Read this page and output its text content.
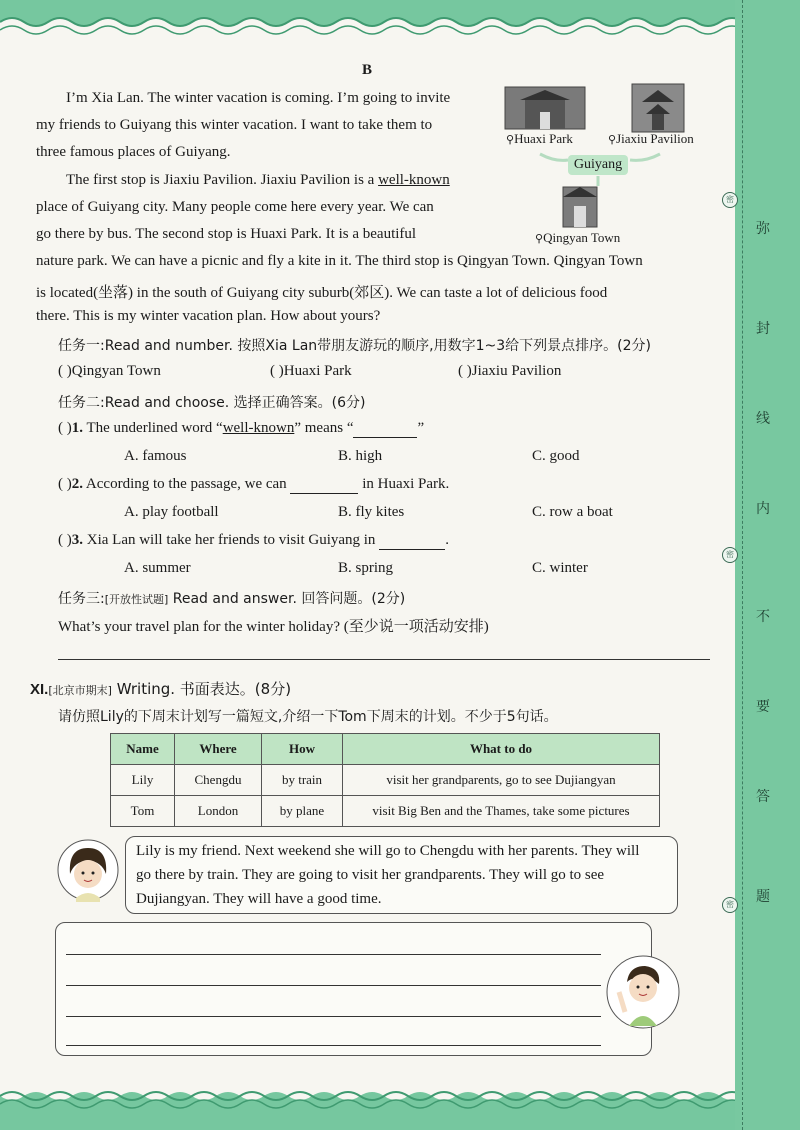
弥
封
线
内
不
要
答
题
密
密
密
B
I’m Xia Lan. The winter vacation is coming. I’m going to invite
my friends to Guiyang this winter vacation. I want to take them to
three famous places of Guiyang.
The first stop is Jiaxiu Pavilion. Jiaxiu Pavilion is a well-known
place of Guiyang city. Many people come here every year. We can
go there by bus. The second stop is Huaxi Park. It is a beautiful
nature park. We can have a picnic and fly a kite in it. The third stop is Qingyan Town. Qingyan Town
is located(坐落) in the south of Guiyang city suburb(郊区). We can taste a lot of delicious food
there. This is my winter vacation plan. How about yours?
⚲Huaxi Park	⚲Jiaxiu Pavilion
Guiyang
⚲Qingyan Town
任务一:Read and number. 按照Xia Lan带朋友游玩的顺序,用数字1~3给下列景点排序。(2分)
( )Qingyan Town	( )Huaxi Park	( )Jiaxiu Pavilion
任务二:Read and choose. 选择正确答案。(6分)
( )1. The underlined word “well-known” means “	”
A. famous	B. high	C. good
( )2. According to the passage, we can	in Huaxi Park.
A. play football	B. fly kites	C. row a boat
( )3. Xia Lan will take her friends to visit Guiyang in	.
A. summer	B. spring	C. winter
任务三:[开放性试题] Read and answer. 回答问题。(2分)
What’s your travel plan for the winter holiday? (至少说一项活动安排)
XI.[北京市期末] Writing. 书面表达。(8分)
请仿照Lily的下周末计划写一篇短文,介绍一下Tom下周末的计划。不少于5句话。
Name	Where	How	What to do
Lily	Chengdu	by train	visit her grandparents, go to see Dujiangyan
Tom	London	by plane	visit Big Ben and the Thames, take some pictures
Lily is my friend. Next weekend she will go to Chengdu with her parents. They will
go there by train. They are going to visit her grandparents. They will go to see
Dujiangyan. They will have a good time.
